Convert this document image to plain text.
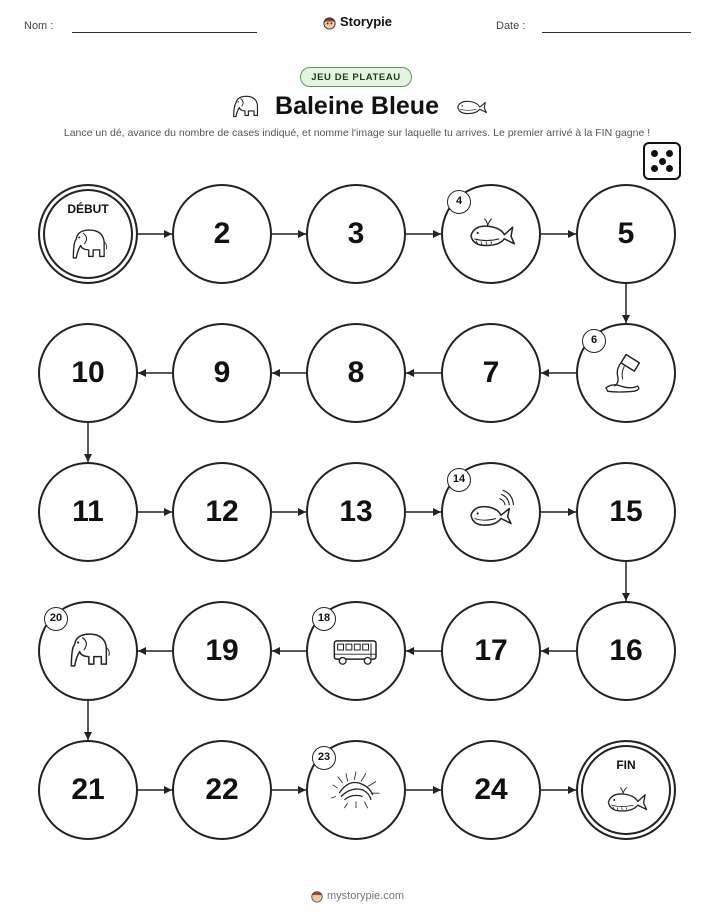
Nom :	Storypie	Date :
JEU DE PLATEAU
Baleine Bleue
Lance un dé, avance du nombre de cases indiqué, et nomme l'image sur laquelle tu arrives. Le premier arrivé à la FIN gagne !
DÉBUT
2	3
4
5
6
7
8
9
10
11	12	13
14
15
16
17
18
19
20
21	22
23
24
FIN
mystorypie.com
